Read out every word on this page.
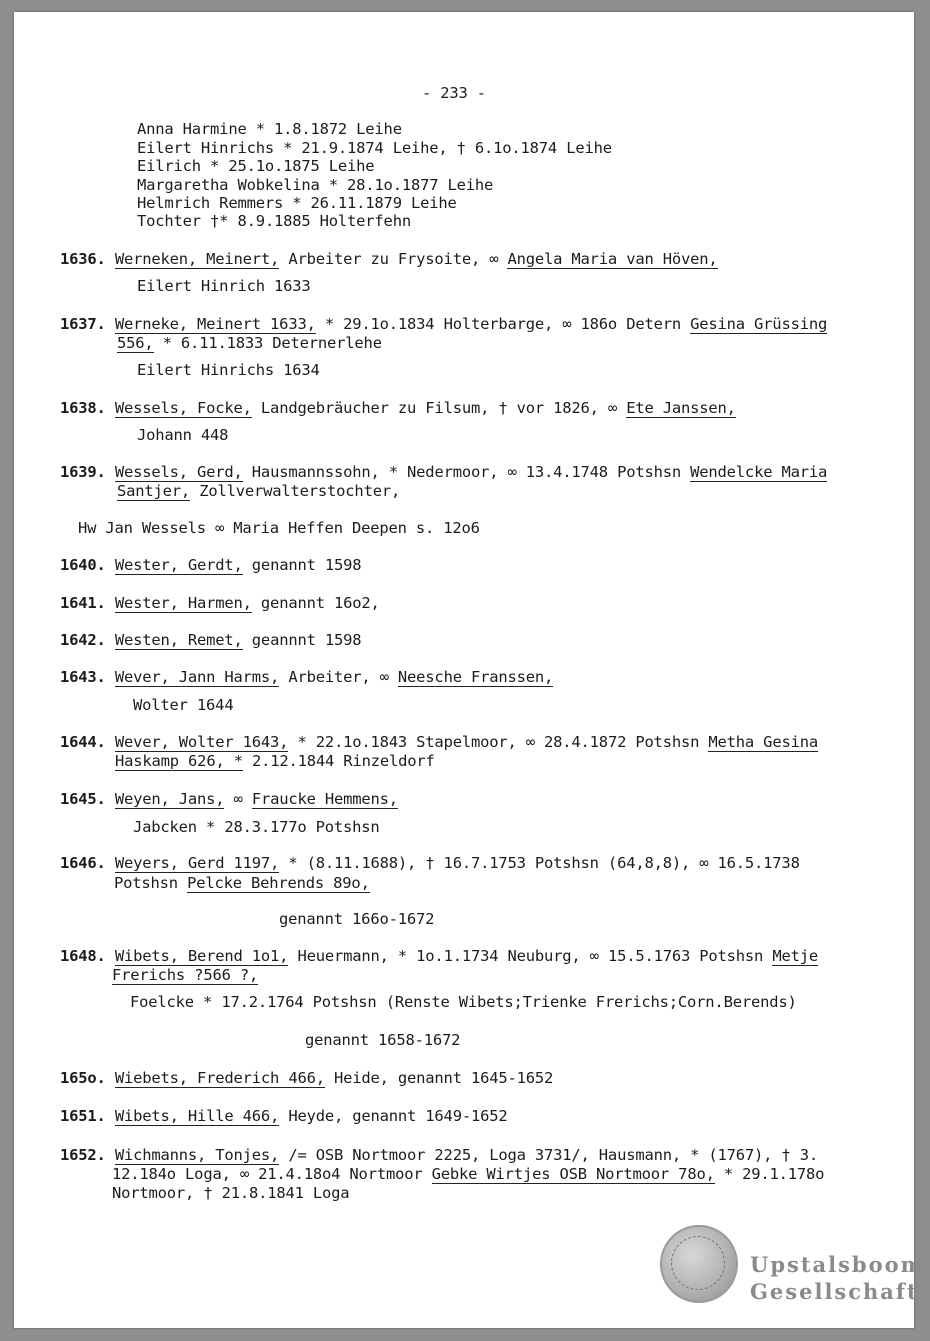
- 233 -
Anna Harmine * 1.8.1872 Leihe
Eilert Hinrichs * 21.9.1874 Leihe, † 6.1o.1874 Leihe
Eilrich * 25.1o.1875 Leihe
Margaretha Wobkelina * 28.1o.1877 Leihe
Helmrich Remmers * 26.11.1879 Leihe
Tochter †* 8.9.1885 Holterfehn
1636. Werneken, Meinert, Arbeiter zu Frysoite, ∞ Angela Maria van Höven,
Eilert Hinrich 1633
1637. Werneke, Meinert 1633, * 29.1o.1834 Holterbarge, ∞ 186o Detern Gesina Grüssing
556, * 6.11.1833 Deternerlehe
Eilert Hinrichs 1634
1638. Wessels, Focke, Landgebräucher zu Filsum, † vor 1826, ∞ Ete Janssen,
Johann 448
1639. Wessels, Gerd, Hausmannssohn, * Nedermoor, ∞ 13.4.1748 Potshsn Wendelcke Maria
Santjer, Zollverwalterstochter,
Hw Jan Wessels ∞ Maria Heffen Deepen s. 12o6
1640. Wester, Gerdt, genannt 1598
1641. Wester, Harmen, genannt 16o2,
1642. Westen, Remet, geannnt 1598
1643. Wever, Jann Harms, Arbeiter, ∞ Neesche Franssen,
Wolter 1644
1644. Wever, Wolter 1643, * 22.1o.1843 Stapelmoor, ∞ 28.4.1872 Potshsn Metha Gesina
Haskamp 626, * 2.12.1844 Rinzeldorf
1645. Weyen, Jans, ∞ Fraucke Hemmens,
Jabcken * 28.3.177o Potshsn
1646. Weyers, Gerd 1197, * (8.11.1688), † 16.7.1753 Potshsn (64,8,8), ∞ 16.5.1738
Potshsn Pelcke Behrends 89o,
genannt 166o-1672
1648. Wibets, Berend 1o1, Heuermann, * 1o.1.1734 Neuburg, ∞ 15.5.1763 Potshsn Metje
Frerichs ?566 ?,
Foelcke * 17.2.1764 Potshsn (Renste Wibets;Trienke Frerichs;Corn.Berends)
genannt 1658-1672
165o. Wiebets, Frederich 466, Heide, genannt 1645-1652
1651. Wibets, Hille 466, Heyde, genannt 1649-1652
1652. Wichmanns, Tonjes, /= OSB Nortmoor 2225, Loga 3731/, Hausmann, * (1767), † 3.
12.184o Loga, ∞ 21.4.18o4 Nortmoor Gebke Wirtjes OSB Nortmoor 78o, * 29.1.178o
Nortmoor, † 21.8.1841 Loga
Upstalsboom
Gesellschaft
